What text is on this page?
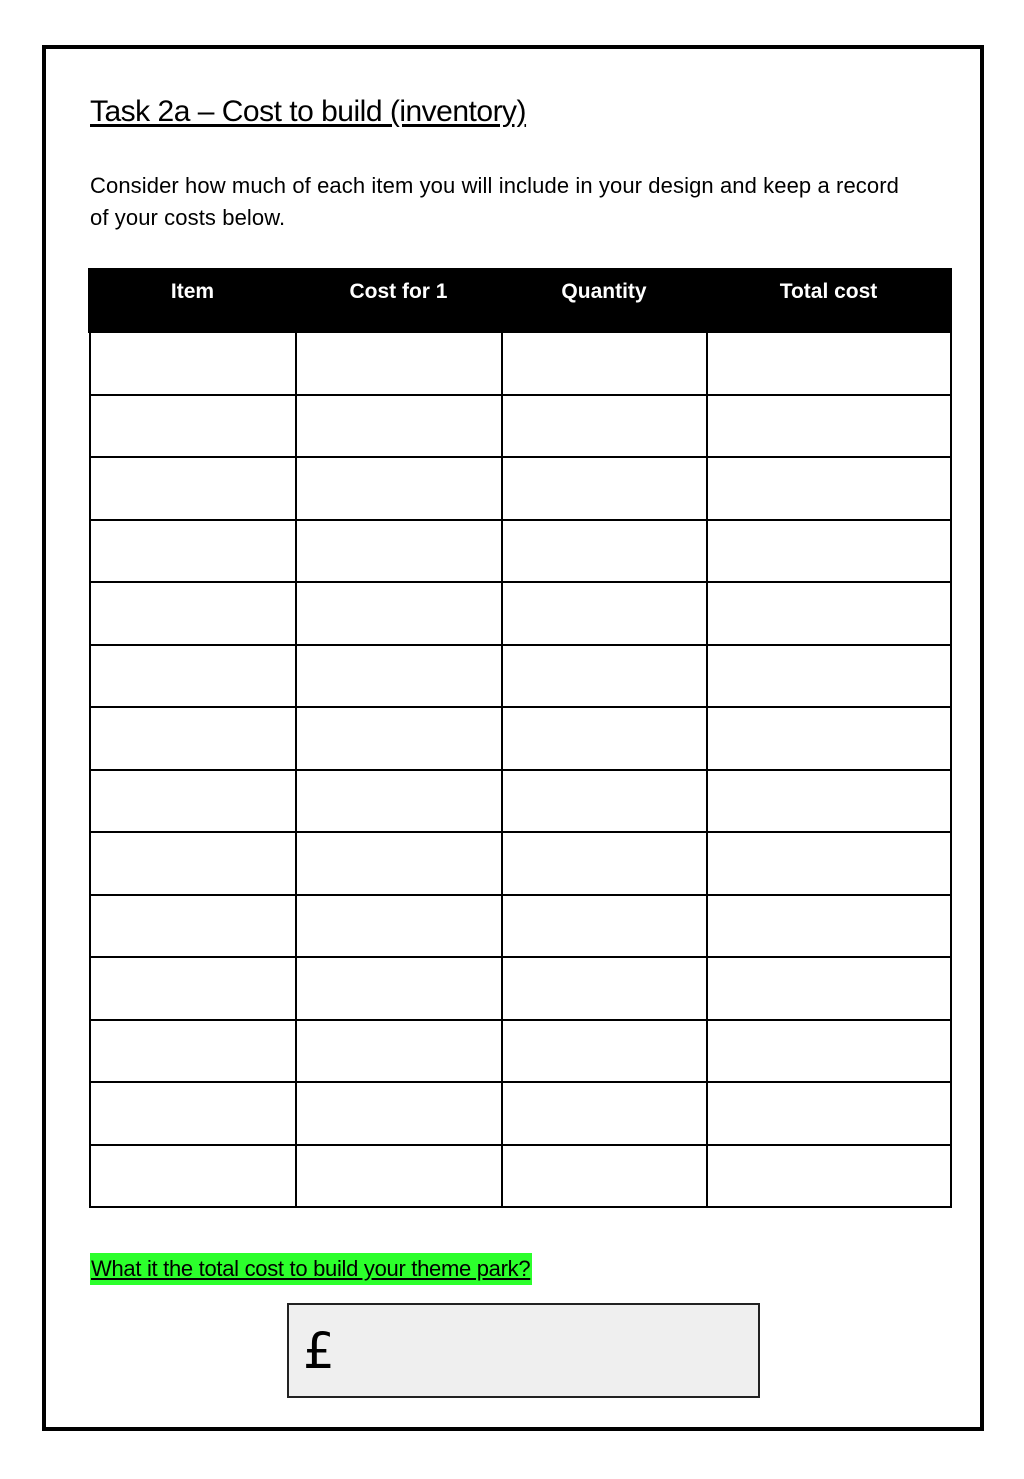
Task 2a – Cost to build (inventory)
Consider how much of each item you will include in your design and keep a record of your costs below.
Item	Cost for 1	Quantity	Total cost

What it the total cost to build your theme park?
£
